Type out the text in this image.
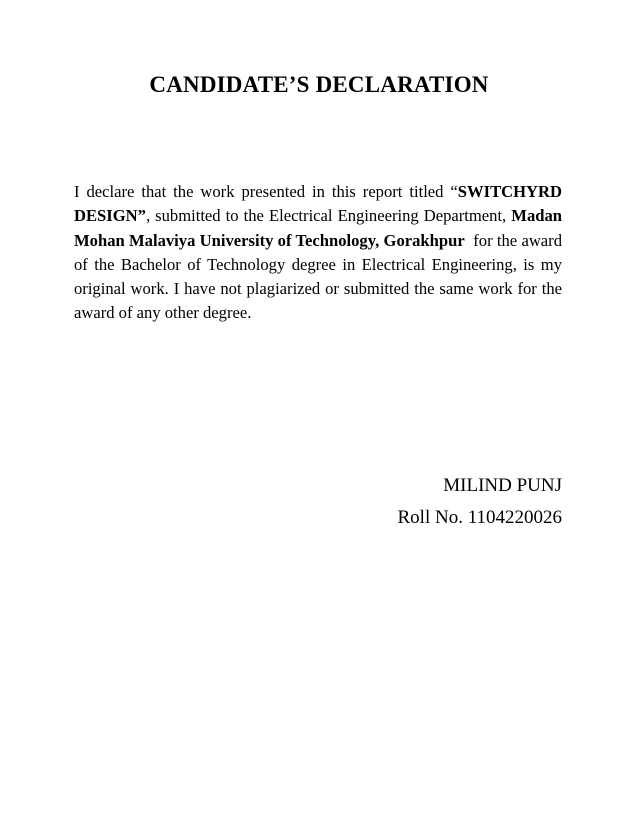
CANDIDATE’S DECLARATION
I declare that the work presented in this report titled “SWITCHYRD DESIGN”, submitted to the Electrical Engineering Department, Madan Mohan Malaviya University of Technology, Gorakhpur  for the award of the Bachelor of Technology degree in Electrical Engineering, is my original work. I have not plagiarized or submitted the same work for the award of any other degree.
MILIND PUNJ
Roll No. 1104220026
